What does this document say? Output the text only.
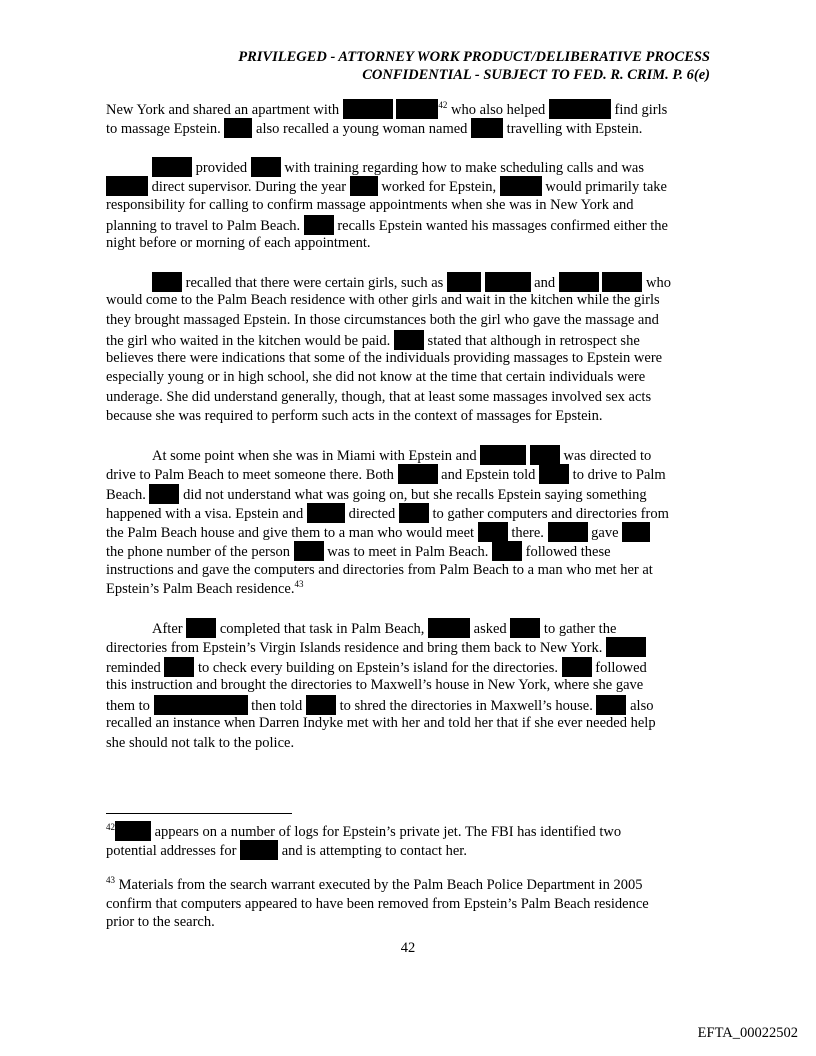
PRIVILEGED - ATTORNEY WORK PRODUCT/DELIBERATIVE PROCESS
CONFIDENTIAL - SUBJECT TO FED. R. CRIM. P. 6(e)
New York and shared an apartment with	$^{42}$ who also helped	find girls
to massage Epstein.  also recalled a young woman named  travelling with Epstein.
provided  with training regarding how to make scheduling calls and was
direct supervisor. During the year  worked for Epstein,	would primarily take
responsibility for calling to confirm massage appointments when she was in New York and
planning to travel to Palm Beach.  recalls Epstein wanted his massages confirmed either the
night before or morning of each appointment.
recalled that there were certain girls, such as	and	who
would come to the Palm Beach residence with other girls and wait in the kitchen while the girls
they brought massaged Epstein. In those circumstances both the girl who gave the massage and
the girl who waited in the kitchen would be paid.  stated that although in retrospect she
believes there were indications that some of the individuals providing massages to Epstein were
especially young or in high school, she did not know at the time that certain individuals were
underage. She did understand generally, though, that at least some massages involved sex acts
because she was required to perform such acts in the context of massages for Epstein.
At some point when she was in Miami with Epstein and	was directed to
drive to Palm Beach to meet someone there. Both	and Epstein told  to drive to Palm
Beach.  did not understand what was going on, but she recalls Epstein saying something
happened with a visa. Epstein and	directed  to gather computers and directories from
the Palm Beach house and give them to a man who would meet  there.	gave
the phone number of the person  was to meet in Palm Beach.  followed these
instructions and gave the computers and directories from Palm Beach to a man who met her at
Epstein’s Palm Beach residence.$^{43}$
After  completed that task in Palm Beach,	asked  to gather the
directories from Epstein’s Virgin Islands residence and bring them back to New York.
reminded  to check every building on Epstein’s island for the directories.  followed
this instruction and brought the directories to Maxwell’s house in New York, where she gave
them to	then told  to shred the directories in Maxwell’s house.  also
recalled an instance when Darren Indyke met with her and told her that if she ever needed help
she should not talk to the police.
$^{42}$ appears on a number of logs for Epstein’s private jet. The FBI has identified two
potential addresses for	and is attempting to contact her.
$^{43}$ Materials from the search warrant executed by the Palm Beach Police Department in 2005
confirm that computers appeared to have been removed from Epstein’s Palm Beach residence
prior to the search.
42
EFTA_00022502
